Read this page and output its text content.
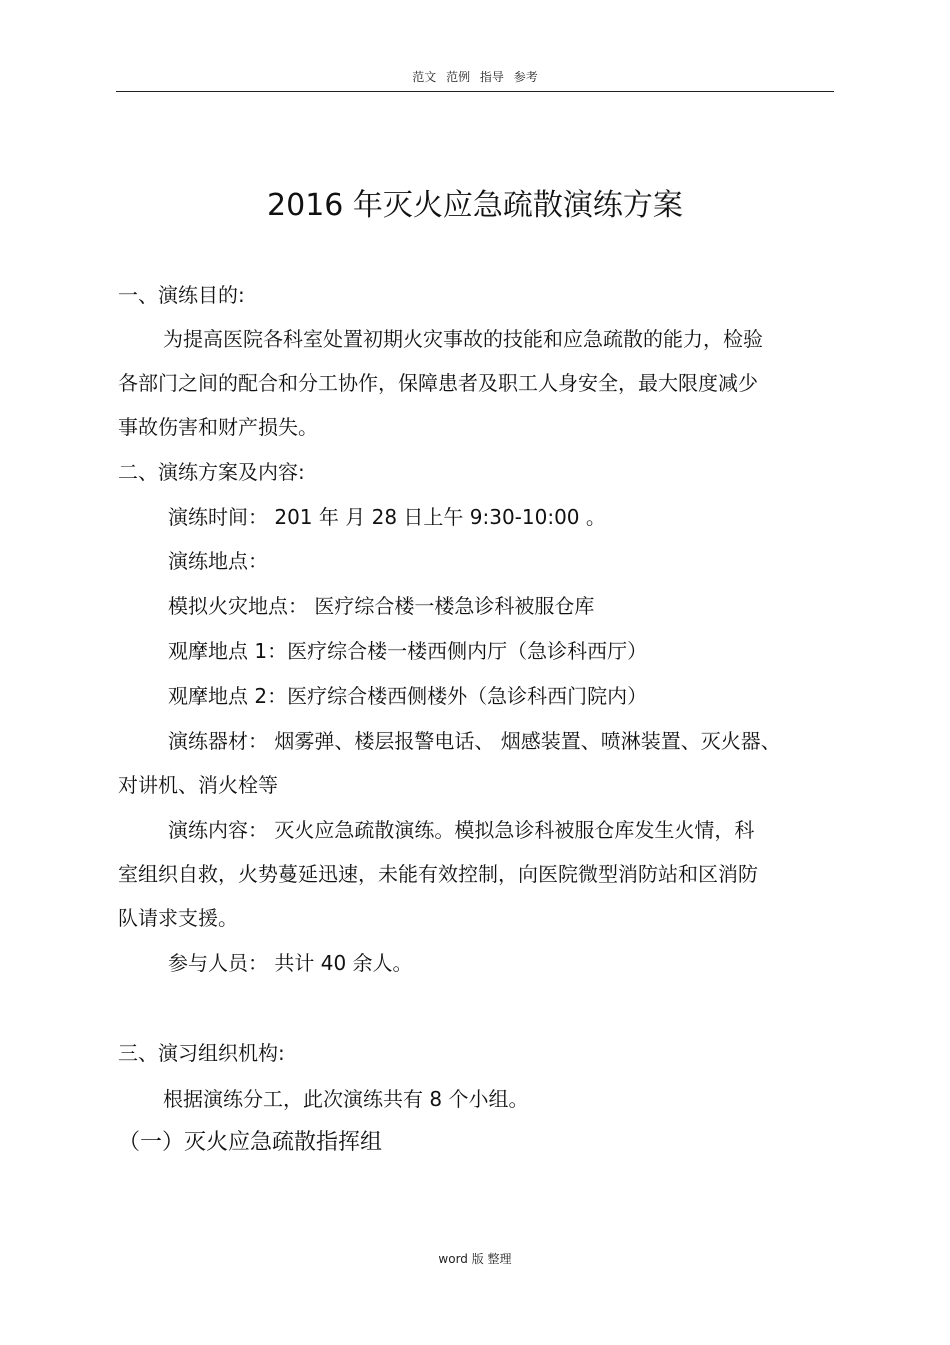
范文 范例 指导 参考
2016 年灭火应急疏散演练方案
一、演练目的:
为提高医院各科室处置初期火灾事故的技能和应急疏散的能力，检验
各部门之间的配合和分工协作，保障患者及职工人身安全，最大限度减少
事故伤害和财产损失。
二、演练方案及内容:
演练时间： 201 年 月 28 日上午 9:30-10:00 。
演练地点：
模拟火灾地点： 医疗综合楼一楼急诊科被服仓库
观摩地点 1：医疗综合楼一楼西侧内厅（急诊科西厅）
观摩地点 2：医疗综合楼西侧楼外（急诊科西门院内）
演练器材： 烟雾弹、楼层报警电话、 烟感装置、喷淋装置、灭火器、
对讲机、消火栓等
演练内容： 灭火应急疏散演练。模拟急诊科被服仓库发生火情，科
室组织自救，火势蔓延迅速，未能有效控制，向医院微型消防站和区消防
队请求支援。
参与人员： 共计 40 余人。
三、演习组织机构:
根据演练分工，此次演练共有 8 个小组。
（一）灭火应急疏散指挥组
word 版 整理
